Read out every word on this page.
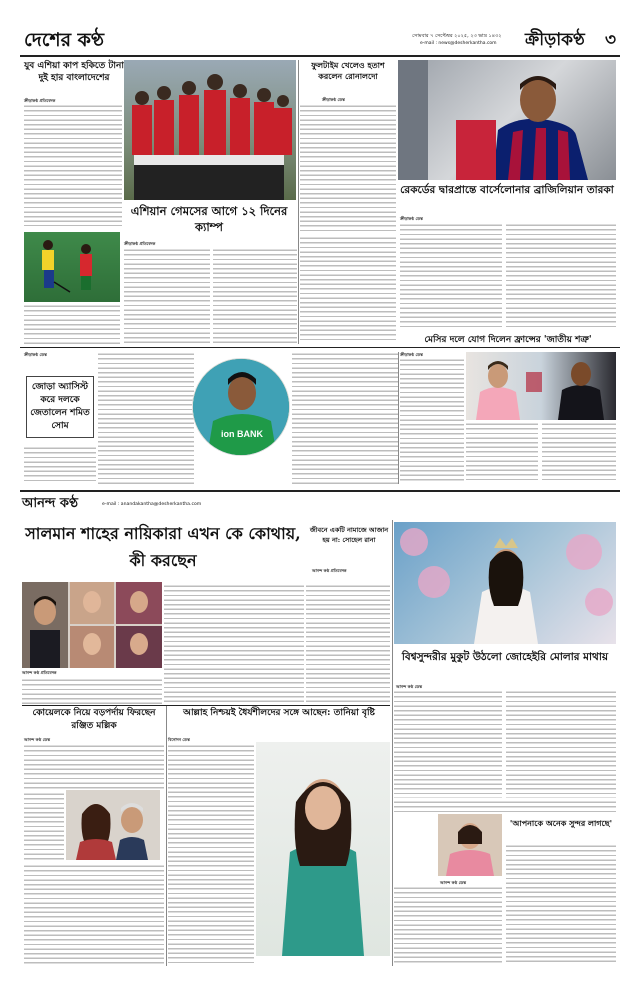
দেশের কণ্ঠ	সোমবার ৭ সেপ্টেম্বর ২০২৫, ২৩ ভাদ্র ১৪৩২
e-mail : news@desherkantha.com ক্রীড়াকণ্ঠ ৩
যুব এশিয়া কাপ হকিতে টানা দুই হার বাংলাদেশের
ক্রীড়াকণ্ঠ প্রতিবেদক
ফুলটাইম খেলেও হতাশ করলেন রোনালদো
ক্রীড়াকণ্ঠ ডেস্ক
রেকর্ডের দ্বারপ্রান্তে বার্সেলোনার ব্রাজিলিয়ান তারকা
ক্রীড়াকণ্ঠ ডেস্ক
এশিয়ান গেমসের আগে ১২ দিনের ক্যাম্প
ক্রীড়াকণ্ঠ প্রতিবেদক
ক্রীড়াকণ্ঠ ডেস্ক
জোড়া অ্যাসিস্ট করে দলকে জেতালেন শমিত সোম
ion BANK
মেসির দলে যোগ দিলেন ফ্রান্সের 'জাতীয় শত্রু'
ক্রীড়াকণ্ঠ ডেস্ক
আনন্দ কণ্ঠ	e-mail : anandakantha@desherkantha.com
সালমান শাহের নায়িকারা এখন কে কোথায়, কী করছেন
আনন্দ কণ্ঠ প্রতিবেদক
জীবনে একটি নামাজে আজান হয় না: সোহেল রানা
আনন্দ কণ্ঠ প্রতিবেদক
বিশ্বসুন্দরীর মুকুট উঠলো জোহেইরি মোলার মাথায়
আনন্দ কণ্ঠ ডেস্ক
কোয়েলকে নিয়ে বড়পর্দায় ফিরছেন রঞ্জিত মল্লিক
আনন্দ কণ্ঠ ডেস্ক
আল্লাহ নিশ্চয়ই ধৈর্যশীলদের সঙ্গে আছেন: তানিয়া বৃষ্টি
বিনোদন ডেস্ক
আনন্দ কণ্ঠ ডেস্ক
'আপনাকে অনেক সুন্দর লাগছে'
